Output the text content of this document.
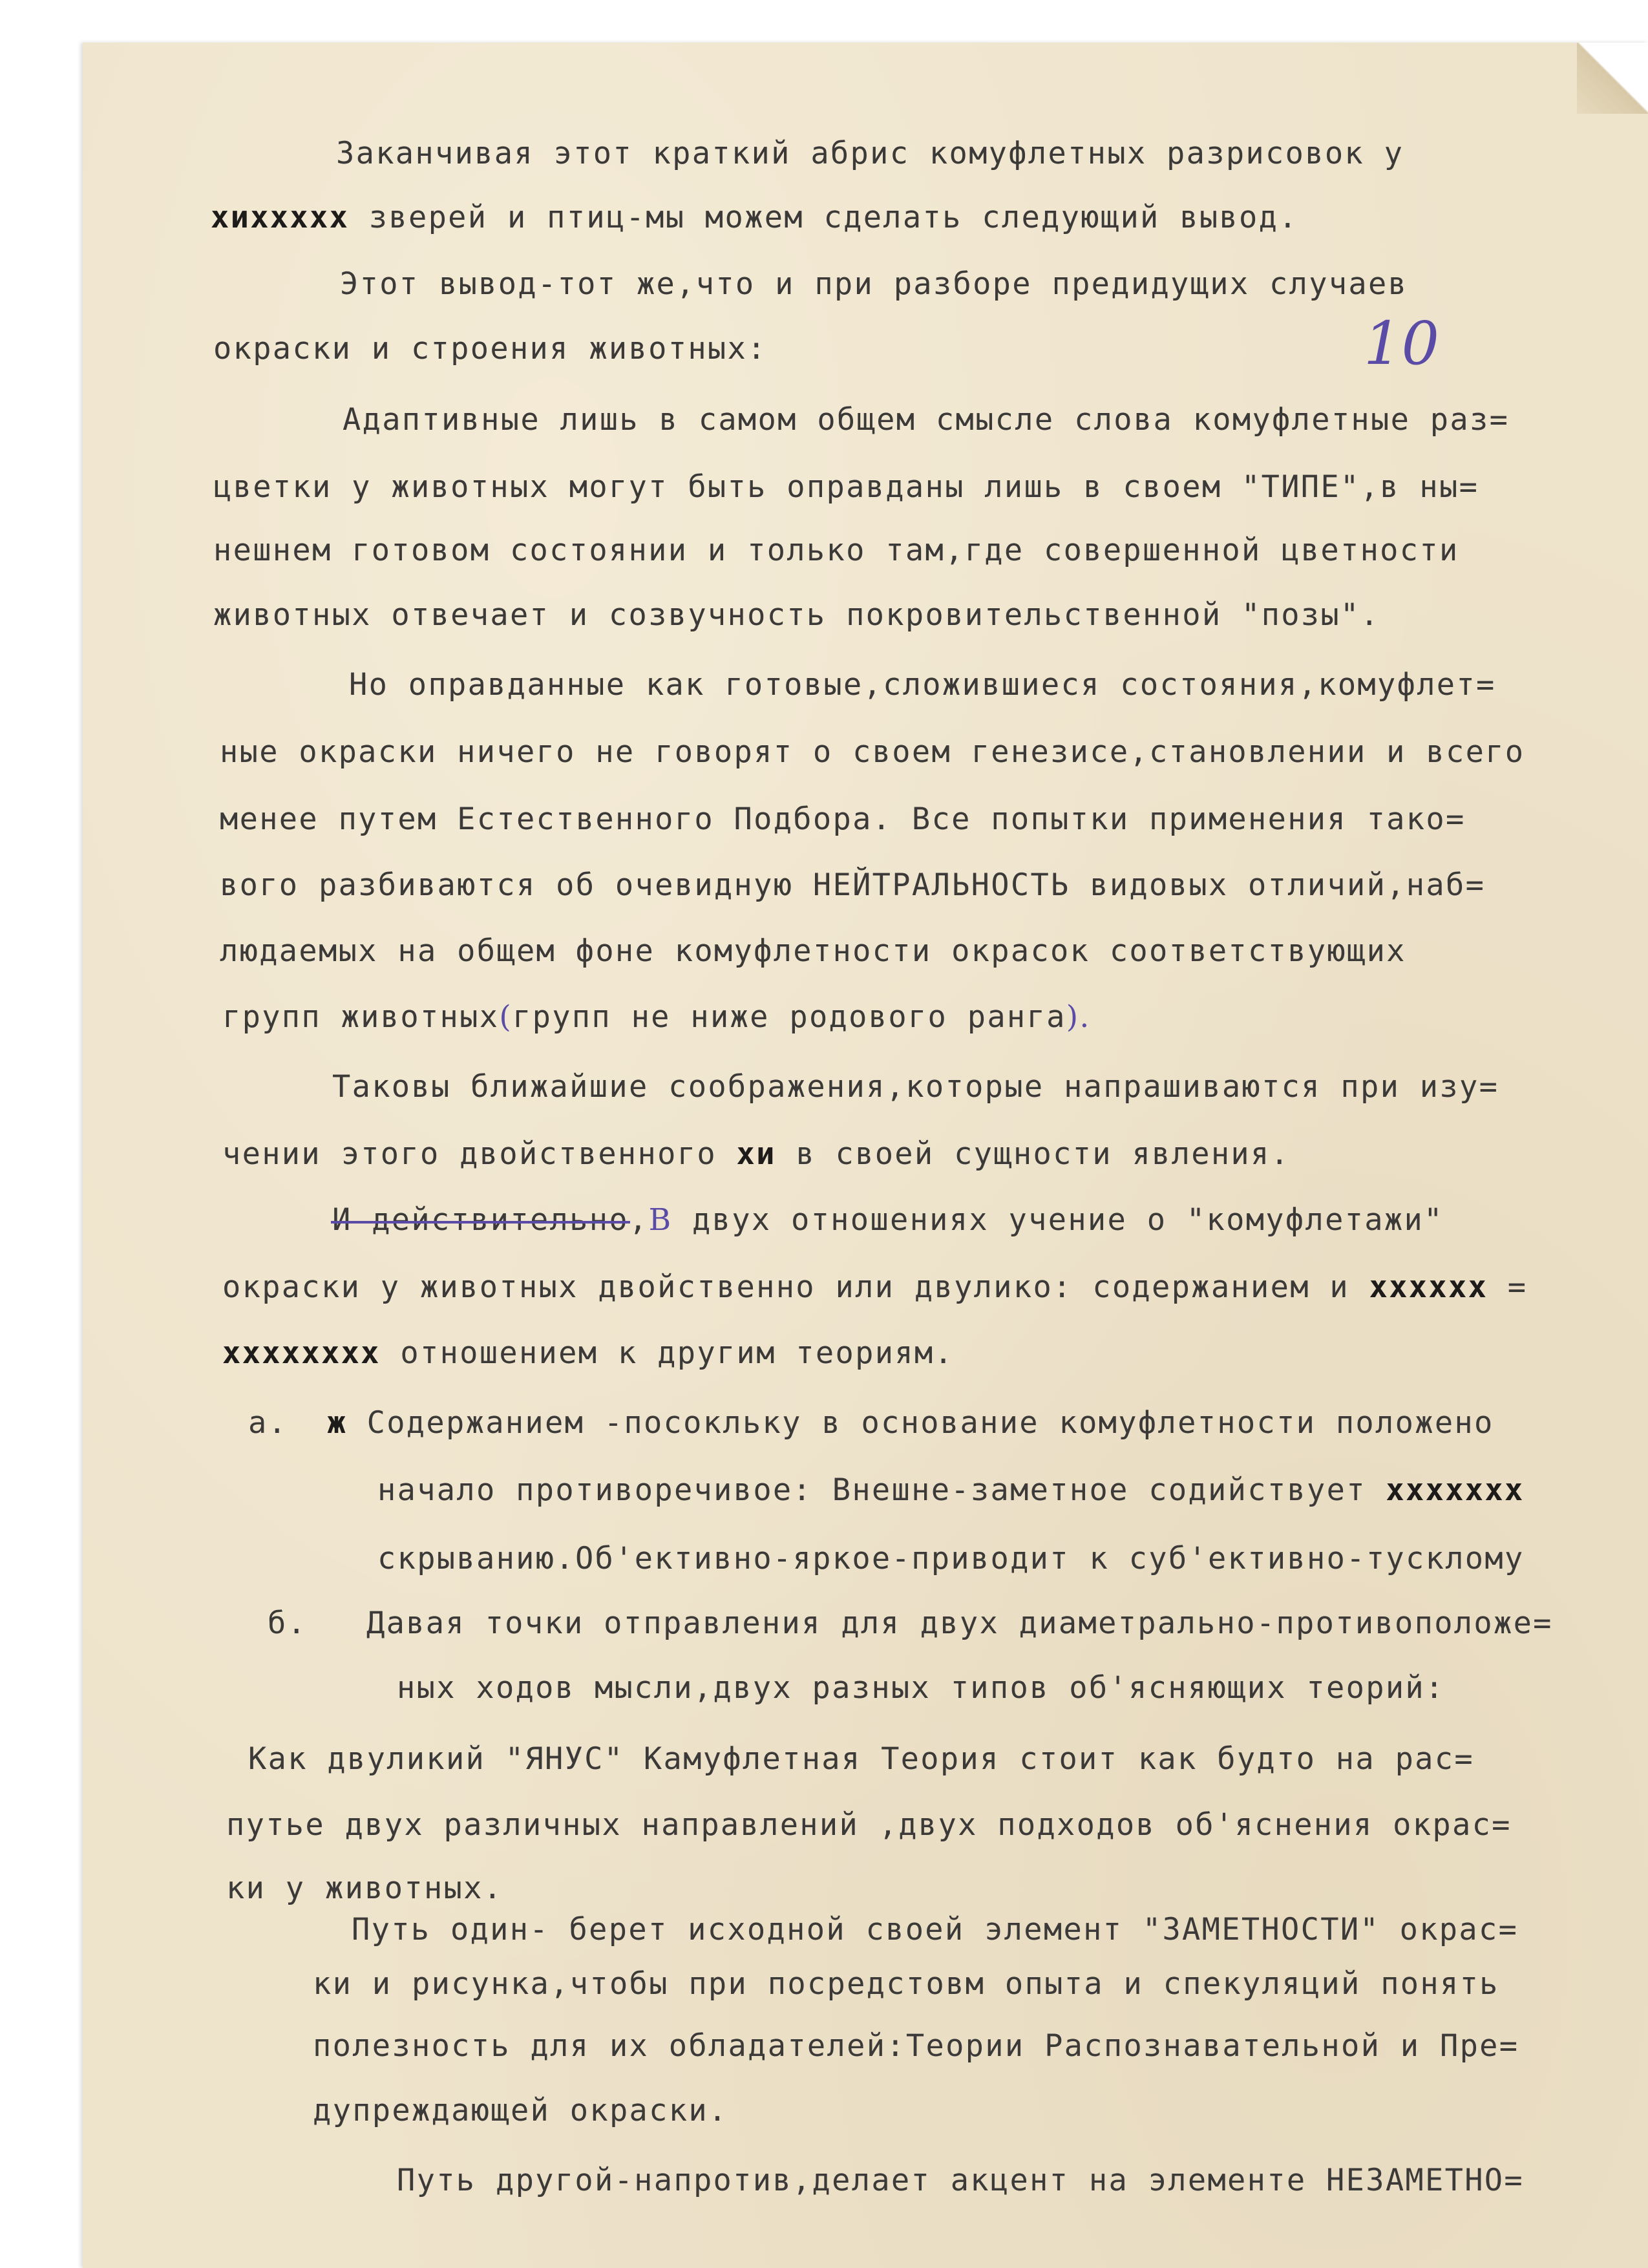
10
Заканчивая этот краткий абрис комуфлетных разрисовок у
хиххххх зверей и птиц-мы можем сделать следующий вывод.
Этот вывод-тот же,что и при разборе предидущих случаев
окраски и строения животных:
Адаптивные лишь в самом общем смысле слова комуфлетные раз=
цветки у животных могут быть оправданы лишь в своем "ТИПЕ",в ны=
нешнем готовом состоянии и только там,где совершенной цветности
животных отвечает и созвучность покровительственной "позы".
Но оправданные как готовые,сложившиеся состояния,комуфлет=
ные окраски ничего не говорят о своем генезисе,становлении и всего
менее путем Естественного Подбора. Все попытки применения тако=
вого разбиваются об очевидную НЕЙТРАЛЬНОСТЬ видовых отличий,наб=
людаемых на общем фоне комуфлетности окрасок соответствующих
групп животных(групп не ниже родового ранга).
Таковы ближайшие соображения,которые напрашиваются при изу=
чении этого двойственного хи в своей сущности явления.
И действительно,В двух отношениях учение о "комуфлетажи"
окраски у животных двойственно или двулико: содержанием и хххххх =
хххххххх отношением к другим теориям.
а. ж Содержанием -посокльку в основание комуфлетности положено
начало противоречивое: Внешне-заметное содийствует ххххххх
скрыванию.Об'ективно-яркое-приводит к суб'ективно-тусклому
б. Давая точки отправления для двух диаметрально-противоположе=
ных ходов мысли,двух разных типов об'ясняющих теорий:
Как двуликий "ЯНУС" Камуфлетная Теория стоит как будто на рас=
путье двух различных направлений ,двух подходов об'яснения окрас=
ки у животных.
Путь один- берет исходной своей элемент "ЗАМЕТНОСТИ" окрас=
ки и рисунка,чтобы при посредстовм опыта и спекуляций понять
полезность для их обладателей:Теории Распознавательной и Пре=
дупреждающей окраски.
Путь другой-напротив,делает акцент на элементе НЕЗАМЕТНО=
